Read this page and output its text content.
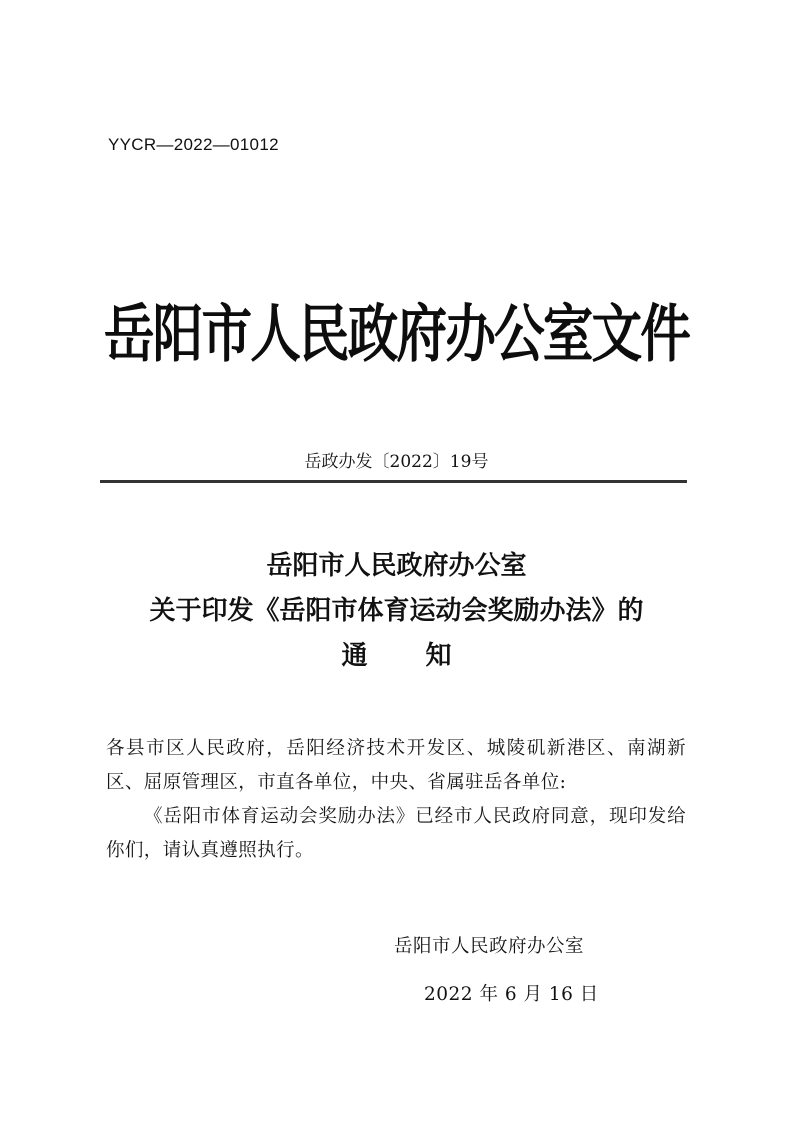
YYCR—2022—01012
岳阳市人民政府办公室文件
岳政办发〔2022〕19号
岳阳市人民政府办公室
关于印发《岳阳市体育运动会奖励办法》的
通知

各县市区人民政府，岳阳经济技术开发区、城陵矶新港区、南湖新区、屈原管理区，市直各单位，中央、省属驻岳各单位:

《岳阳市体育运动会奖励办法》已经市人民政府同意，现印发给你们，请认真遵照执行。

岳阳市人民政府办公室
2022 年 6 月 16 日
